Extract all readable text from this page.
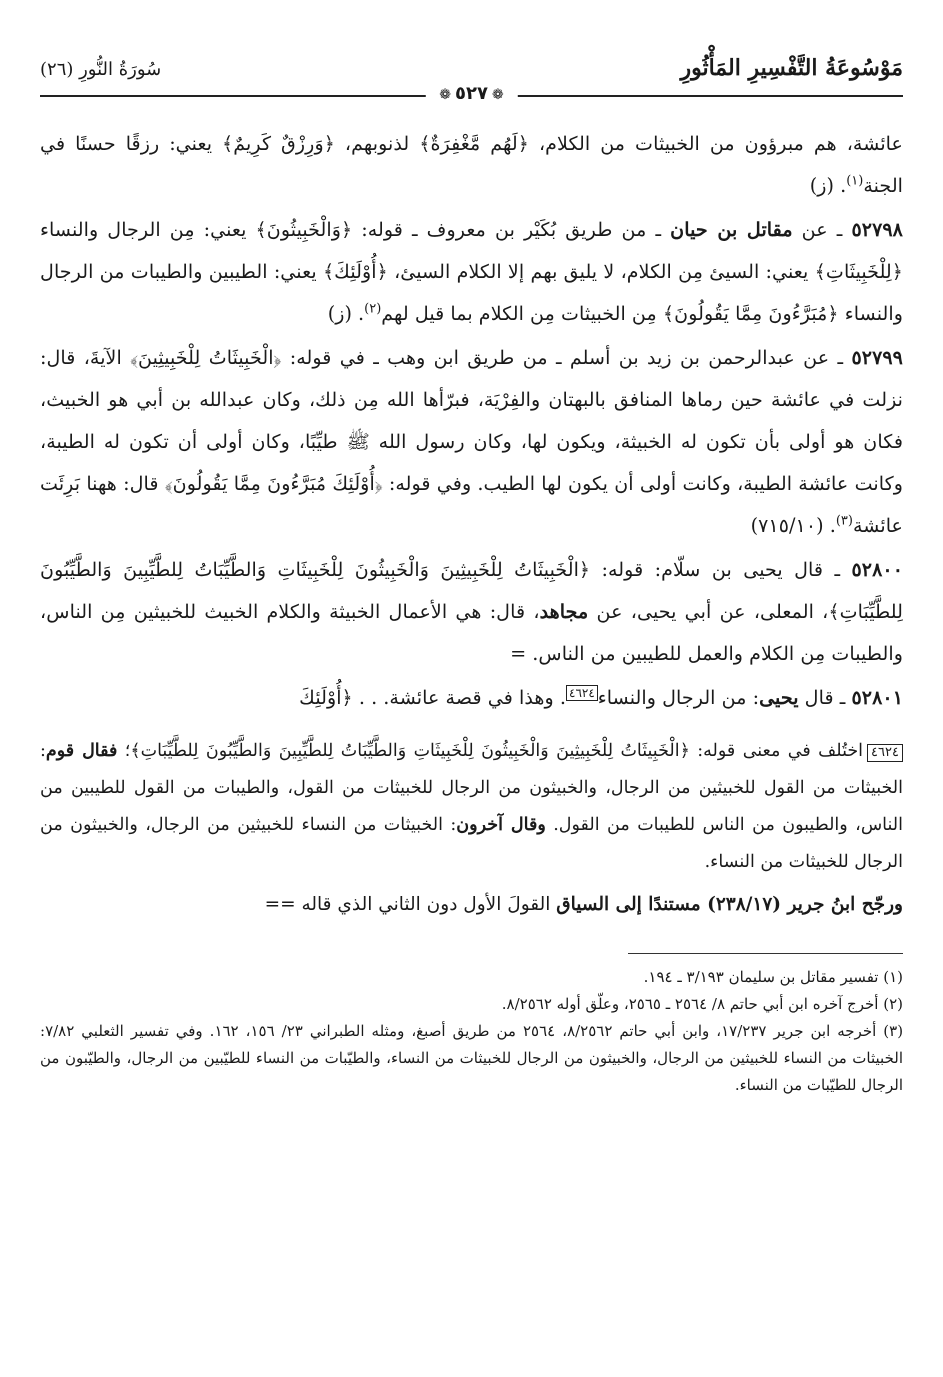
مَوْسُوعَةُ التَّفْسِيرِ المَأْثُورِ
سُورَةُ النُّورِ (٢٦)
❁ ٥٢٧ ❁

عائشة، هم مبرؤون من الخبيثات من الكلام، ﴿لَهُم مَّغْفِرَةٌ﴾ لذنوبهم، ﴿وَرِزْقٌ كَرِيمٌ﴾ يعني: رزقًا حسنًا في الجنة$^{(١)}$. (ز)

٥٢٧٩٨ ـ عن مقاتل بن حيان ـ من طريق بُكَيْر بن معروف ـ قوله: ﴿وَالْخَبِيثُونَ﴾ يعني: مِن الرجال والنساء ﴿لِلْخَبِيثَاتِ﴾ يعني: السيئ مِن الكلام، لا يليق بهم إلا الكلام السيئ، ﴿أُوْلَئِكَ﴾ يعني: الطيبين والطيبات من الرجال والنساء ﴿مُبَرَّءُونَ مِمَّا يَقُولُونَ﴾ مِن الخبيثات مِن الكلام بما قيل لهم$^{(٢)}$. (ز)

٥٢٧٩٩ ـ عن عبدالرحمن بن زيد بن أسلم ـ من طريق ابن وهب ـ في قوله: ﴿الْخَبِيثَاتُ لِلْخَبِيثِينَ﴾ الآيةَ، قال: نزلت في عائشة حين رماها المنافق بالبهتان والفِرْيَة، فبرّأها الله مِن ذلك، وكان عبدالله بن أبي هو الخبيث، فكان هو أولى بأن تكون له الخبيثة، ويكون لها، وكان رسول الله ﷺ طيِّبًا، وكان أولى أن تكون له الطيبة، وكانت عائشة الطيبة، وكانت أولى أن يكون لها الطيب. وفي قوله: ﴿أُوْلَئِكَ مُبَرَّءُونَ مِمَّا يَقُولُونَ﴾ قال: ههنا بَرِئَت عائشة$^{(٣)}$. (٧١٥/١٠)

٥٢٨٠٠ ـ قال يحيى بن سلّام: قوله: ﴿الْخَبِيثَاتُ لِلْخَبِيثِينَ وَالْخَبِيثُونَ لِلْخَبِيثَاتِ وَالطَّيِّبَاتُ لِلطَّيِّبِينَ وَالطَّيِّبُونَ لِلطَّيِّبَاتِ﴾، المعلى، عن أبي يحيى، عن مجاهد، قال: هي الأعمال الخبيثة والكلام الخبيث للخبيثين مِن الناس، والطيبات مِن الكلام والعمل للطيبين من الناس. =

٥٢٨٠١ ـ قال يحيى: من الرجال والنساء٤٦٢٤. وهذا في قصة عائشة. . . ﴿أُوْلَئِكَ

٤٦٢٤اختُلف في معنى قوله: ﴿الْخَبِيثَاتُ لِلْخَبِيثِينَ وَالْخَبِيثُونَ لِلْخَبِيثَاتِ وَالطَّيِّبَاتُ لِلطَّيِّبِينَ وَالطَّيِّبُونَ لِلطَّيِّبَاتِ﴾؛ فقال قوم: الخبيثات من القول للخبيثين من الرجال، والخبيثون من الرجال للخبيثات من القول، والطيبات من القول للطيبين من الناس، والطيبون من الناس للطيبات من القول. وقال آخرون: الخبيثات من النساء للخبيثين من الرجال، والخبيثون من الرجال للخبيثات من النساء.

ورجّح ابنُ جرير (٢٣٨/١٧) مستندًا إلى السياق القولَ الأول دون الثاني الذي قاله ==

(١) تفسير مقاتل بن سليمان ٣/١٩٣ ـ ١٩٤.

(٢) أخرج آخره ابن أبي حاتم ٨/ ٢٥٦٤ ـ ٢٥٦٥، وعلّق أوله ٨/٢٥٦٢.

(٣) أخرجه ابن جرير ١٧/٢٣٧، وابن أبي حاتم ٨/٢٥٦٢، ٢٥٦٤ من طريق أصبغ، ومثله الطبراني ٢٣/ ١٥٦، ١٦٢. وفي تفسير الثعلبي ٧/٨٢: الخبيثات من النساء للخبيثين من الرجال، والخبيثون من الرجال للخبيثات من النساء، والطيّبات من النساء للطيّبين من الرجال، والطيّبون من الرجال للطيّبات من النساء.
